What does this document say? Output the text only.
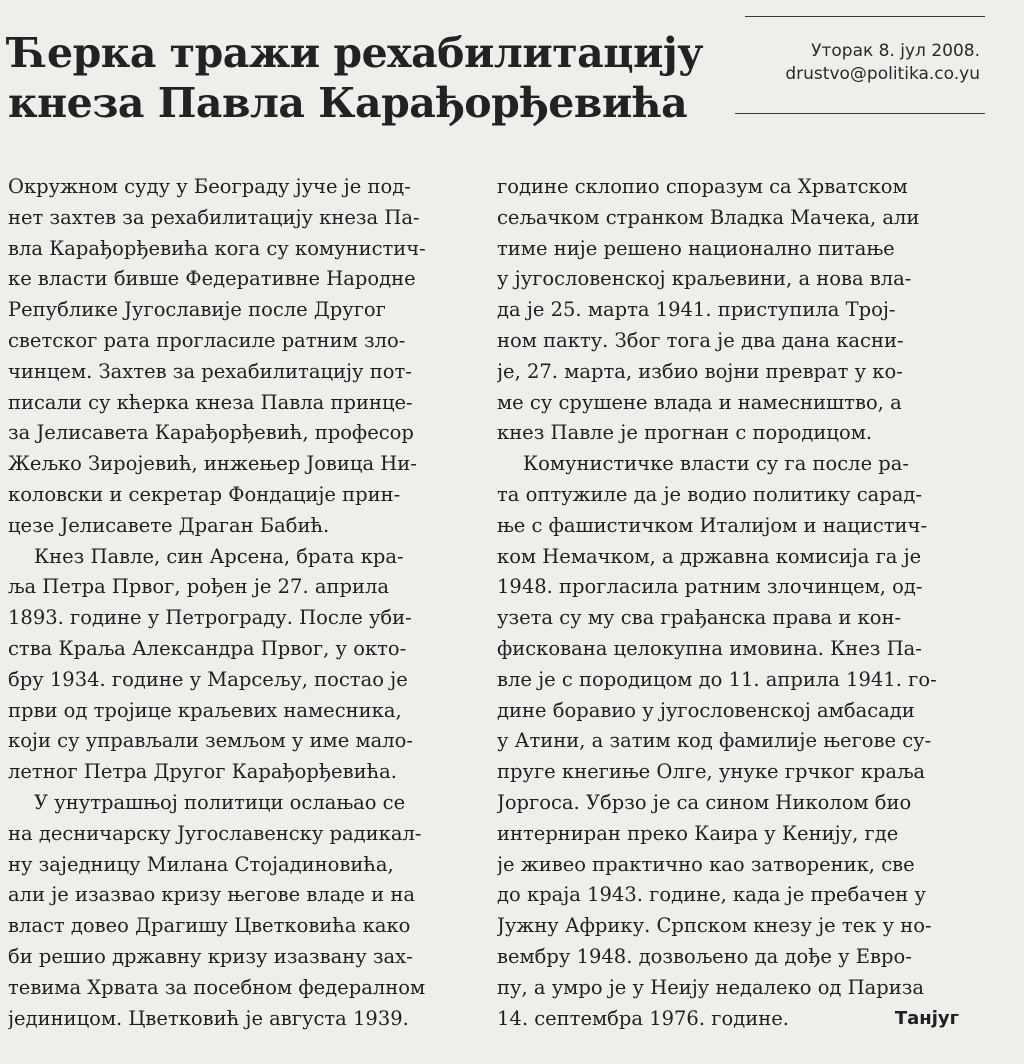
Ћерка тражи рехабилитацију
кнеза Павла Карађорђевића
Уторак 8. јул 2008.
drustvo@politika.co.yu
Окружном суду у Београду јуче је под-
нет захтев за рехабилитацију кнеза Па-
вла Карађорђевића кога су комунистич-
ке власти бивше Федеративне Народне
Републике Југославије после Другог
светског рата прогласиле ратним зло-
чинцем. Захтев за рехабилитацију пот-
писали су кћерка кнеза Павла принце-
за Јелисавета Карађорђевић, професор
Жељко Зиројевић, инжењер Јовица Ни-
коловски и секретар Фондације прин-
цезе Јелисавете Драган Бабић.
Кнез Павле, син Арсена, брата кра-
ља Петра Првог, рођен је 27. априла
1893. године у Петрограду. После уби-
ства Краља Александра Првог, у окто-
бру 1934. године у Марсељу, постао је
први од тројице краљевих намесника,
који су управљали земљом у име мало-
летног Петра Другог Карађорђевића.
У унутрашњој политици ослањао се
на десничарску Југославенску радикал-
ну заједницу Милана Стојадиновића,
али је изазвао кризу његове владе и на
власт довео Драгишу Цветковића како
би решио државну кризу изазвану зах-
тевима Хрвата за посебном федералном
јединицом. Цветковић је августа 1939.
године склопио споразум са Хрватском
сељачком странком Владка Мачека, али
тиме није решено национално питање
у југословенској краљевини, а нова вла-
да је 25. марта 1941. приступила Трој-
ном пакту. Због тога је два дана касни-
је, 27. марта, избио војни преврат у ко-
ме су срушене влада и намесништво, а
кнез Павле је прогнан с породицом.
Комунистичке власти су га после ра-
та оптужиле да је водио политику сарад-
ње с фашистичком Италијом и нацистич-
ком Немачком, а државна комисија га је
1948. прогласила ратним злочинцем, од-
узета су му сва грађанска права и кон-
фискована целокупна имовина. Кнез Па-
вле је с породицом до 11. априла 1941. го-
дине боравио у југословенској амбасади
у Атини, а затим код фамилије његове су-
пруге кнегиње Олге, унуке грчког краља
Јоргоса. Убрзо је са сином Николом био
интерниран преко Каира у Кенију, где
је живео практично као затвореник, све
до краја 1943. године, када је пребачен у
Јужну Африку. Српском кнезу је тек у но-
вембру 1948. дозвољено да дође у Евро-
пу, а умро је у Неију недалеко од Париза
14. септембра 1976. године.	Танјуг
